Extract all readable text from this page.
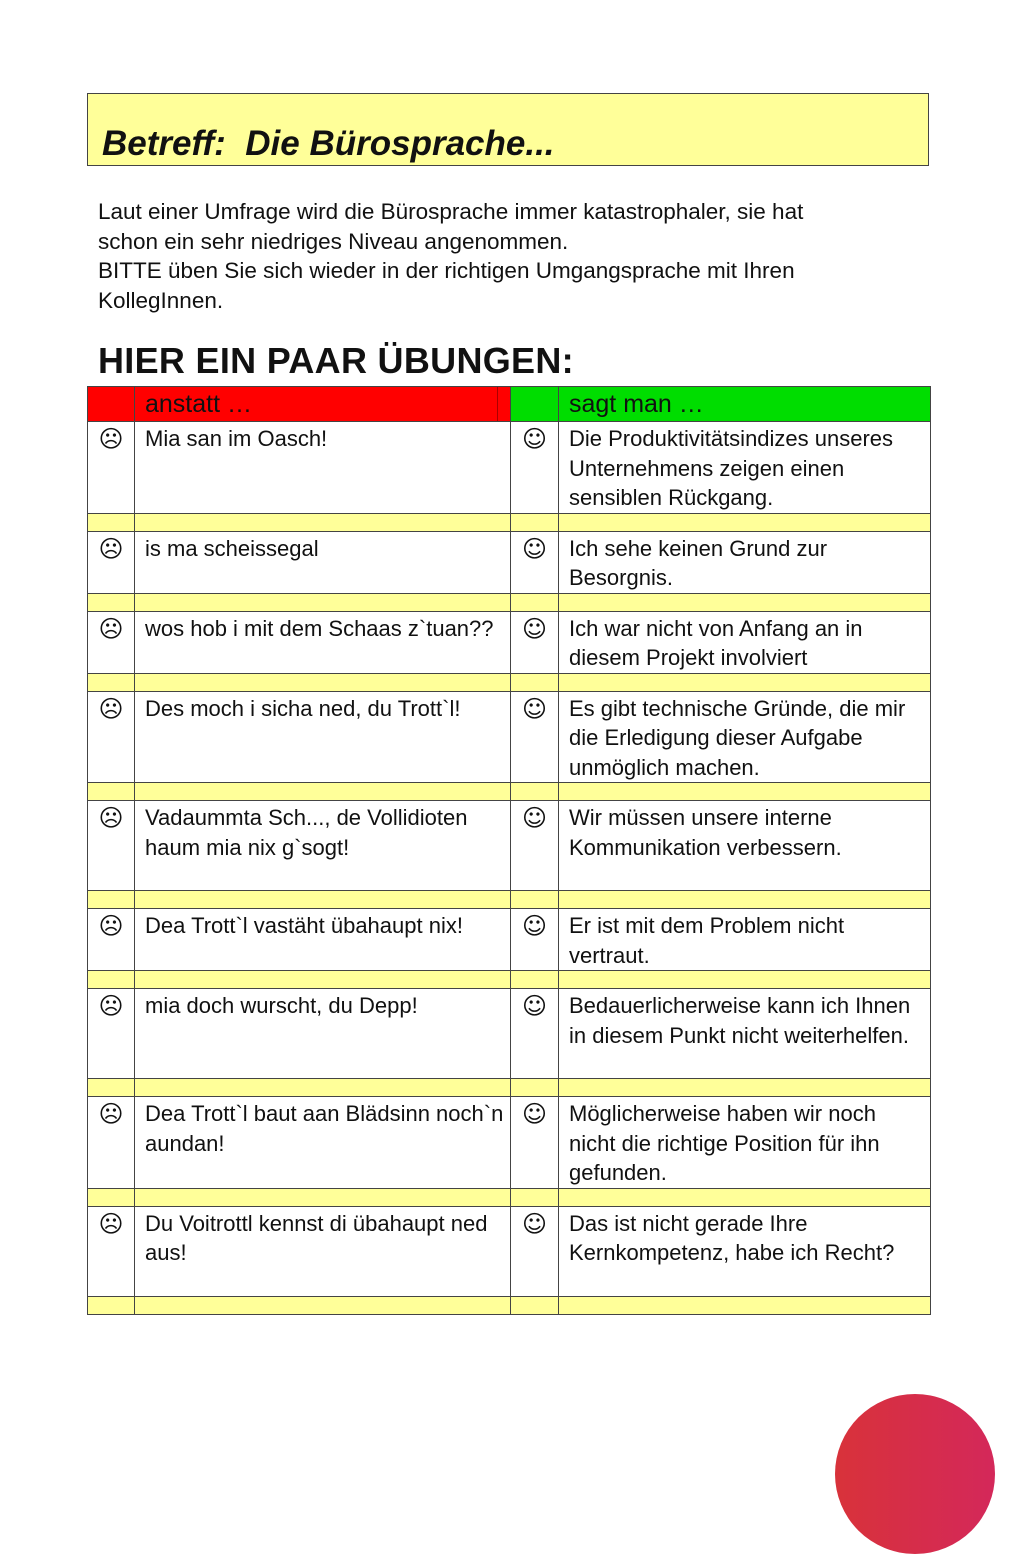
Betreff:  Die Bürosprache...
Laut einer Umfrage wird die Bürosprache immer katastrophaler, sie hat
schon ein sehr niedriges Niveau angenommen.
BITTE üben Sie sich wieder in der richtigen Umgangsprache mit Ihren
KollegInnen.
HIER EIN PAAR ÜBUNGEN:

	anstatt …		sagt man …

☹	Mia san im Oasch!	☺	Die Produktivitätsindizes unseres Unternehmens zeigen einen sensiblen Rückgang.

☹	is ma scheissegal	☺	Ich sehe keinen Grund zur Besorgnis.

☹	wos hob i mit dem Schaas z`tuan??	☺	Ich war nicht von Anfang an in diesem Projekt involviert

☹	Des moch i sicha ned, du Trott`l!	☺	Es gibt technische Gründe, die mir die Erledigung dieser Aufgabe unmöglich machen.

☹	Vadaummta Sch..., de Vollidioten haum mia nix g`sogt!	☺	Wir müssen unsere interne Kommunikation verbessern.

☹	Dea Trott`l vastäht übahaupt nix!	☺	Er ist mit dem Problem nicht vertraut.

☹	mia doch wurscht, du Depp!	☺	Bedauerlicherweise kann ich Ihnen in diesem Punkt nicht weiterhelfen.

☹	Dea Trott`l baut aan Blädsinn noch`n aundan!	☺	Möglicherweise haben wir noch nicht die richtige Position für ihn gefunden.

☹	Du Voitrottl kennst di übahaupt ned aus!	☺	Das ist nicht gerade Ihre Kernkompetenz, habe ich Recht?
